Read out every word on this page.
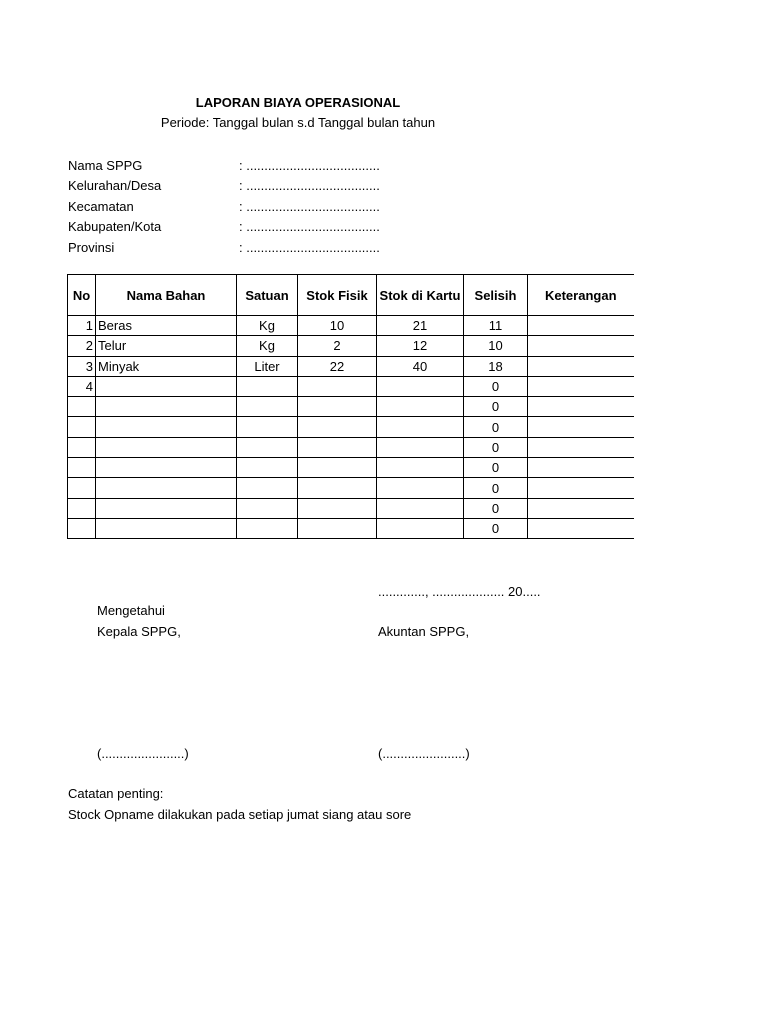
LAPORAN BIAYA OPERASIONAL
Periode: Tanggal bulan s.d Tanggal bulan tahun
Nama SPPG	: .....................................
Kelurahan/Desa	: .....................................
Kecamatan	: .....................................
Kabupaten/Kota	: .....................................
Provinsi	: .....................................
No	Nama Bahan	Satuan	Stok Fisik	Stok di Kartu	Selisih	Keterangan
1	Beras	Kg	10	21	11	
2	Telur	Kg	2	12	10	
3	Minyak	Liter	22	40	18	
4					0	
					0	
					0	
					0	
					0	
					0	
					0	
					0	
............., .................... 20.....
Mengetahui
Kepala SPPG,	Akuntan SPPG,
(.......................)	(.......................)
Catatan penting:
Stock Opname dilakukan pada setiap jumat siang atau sore
